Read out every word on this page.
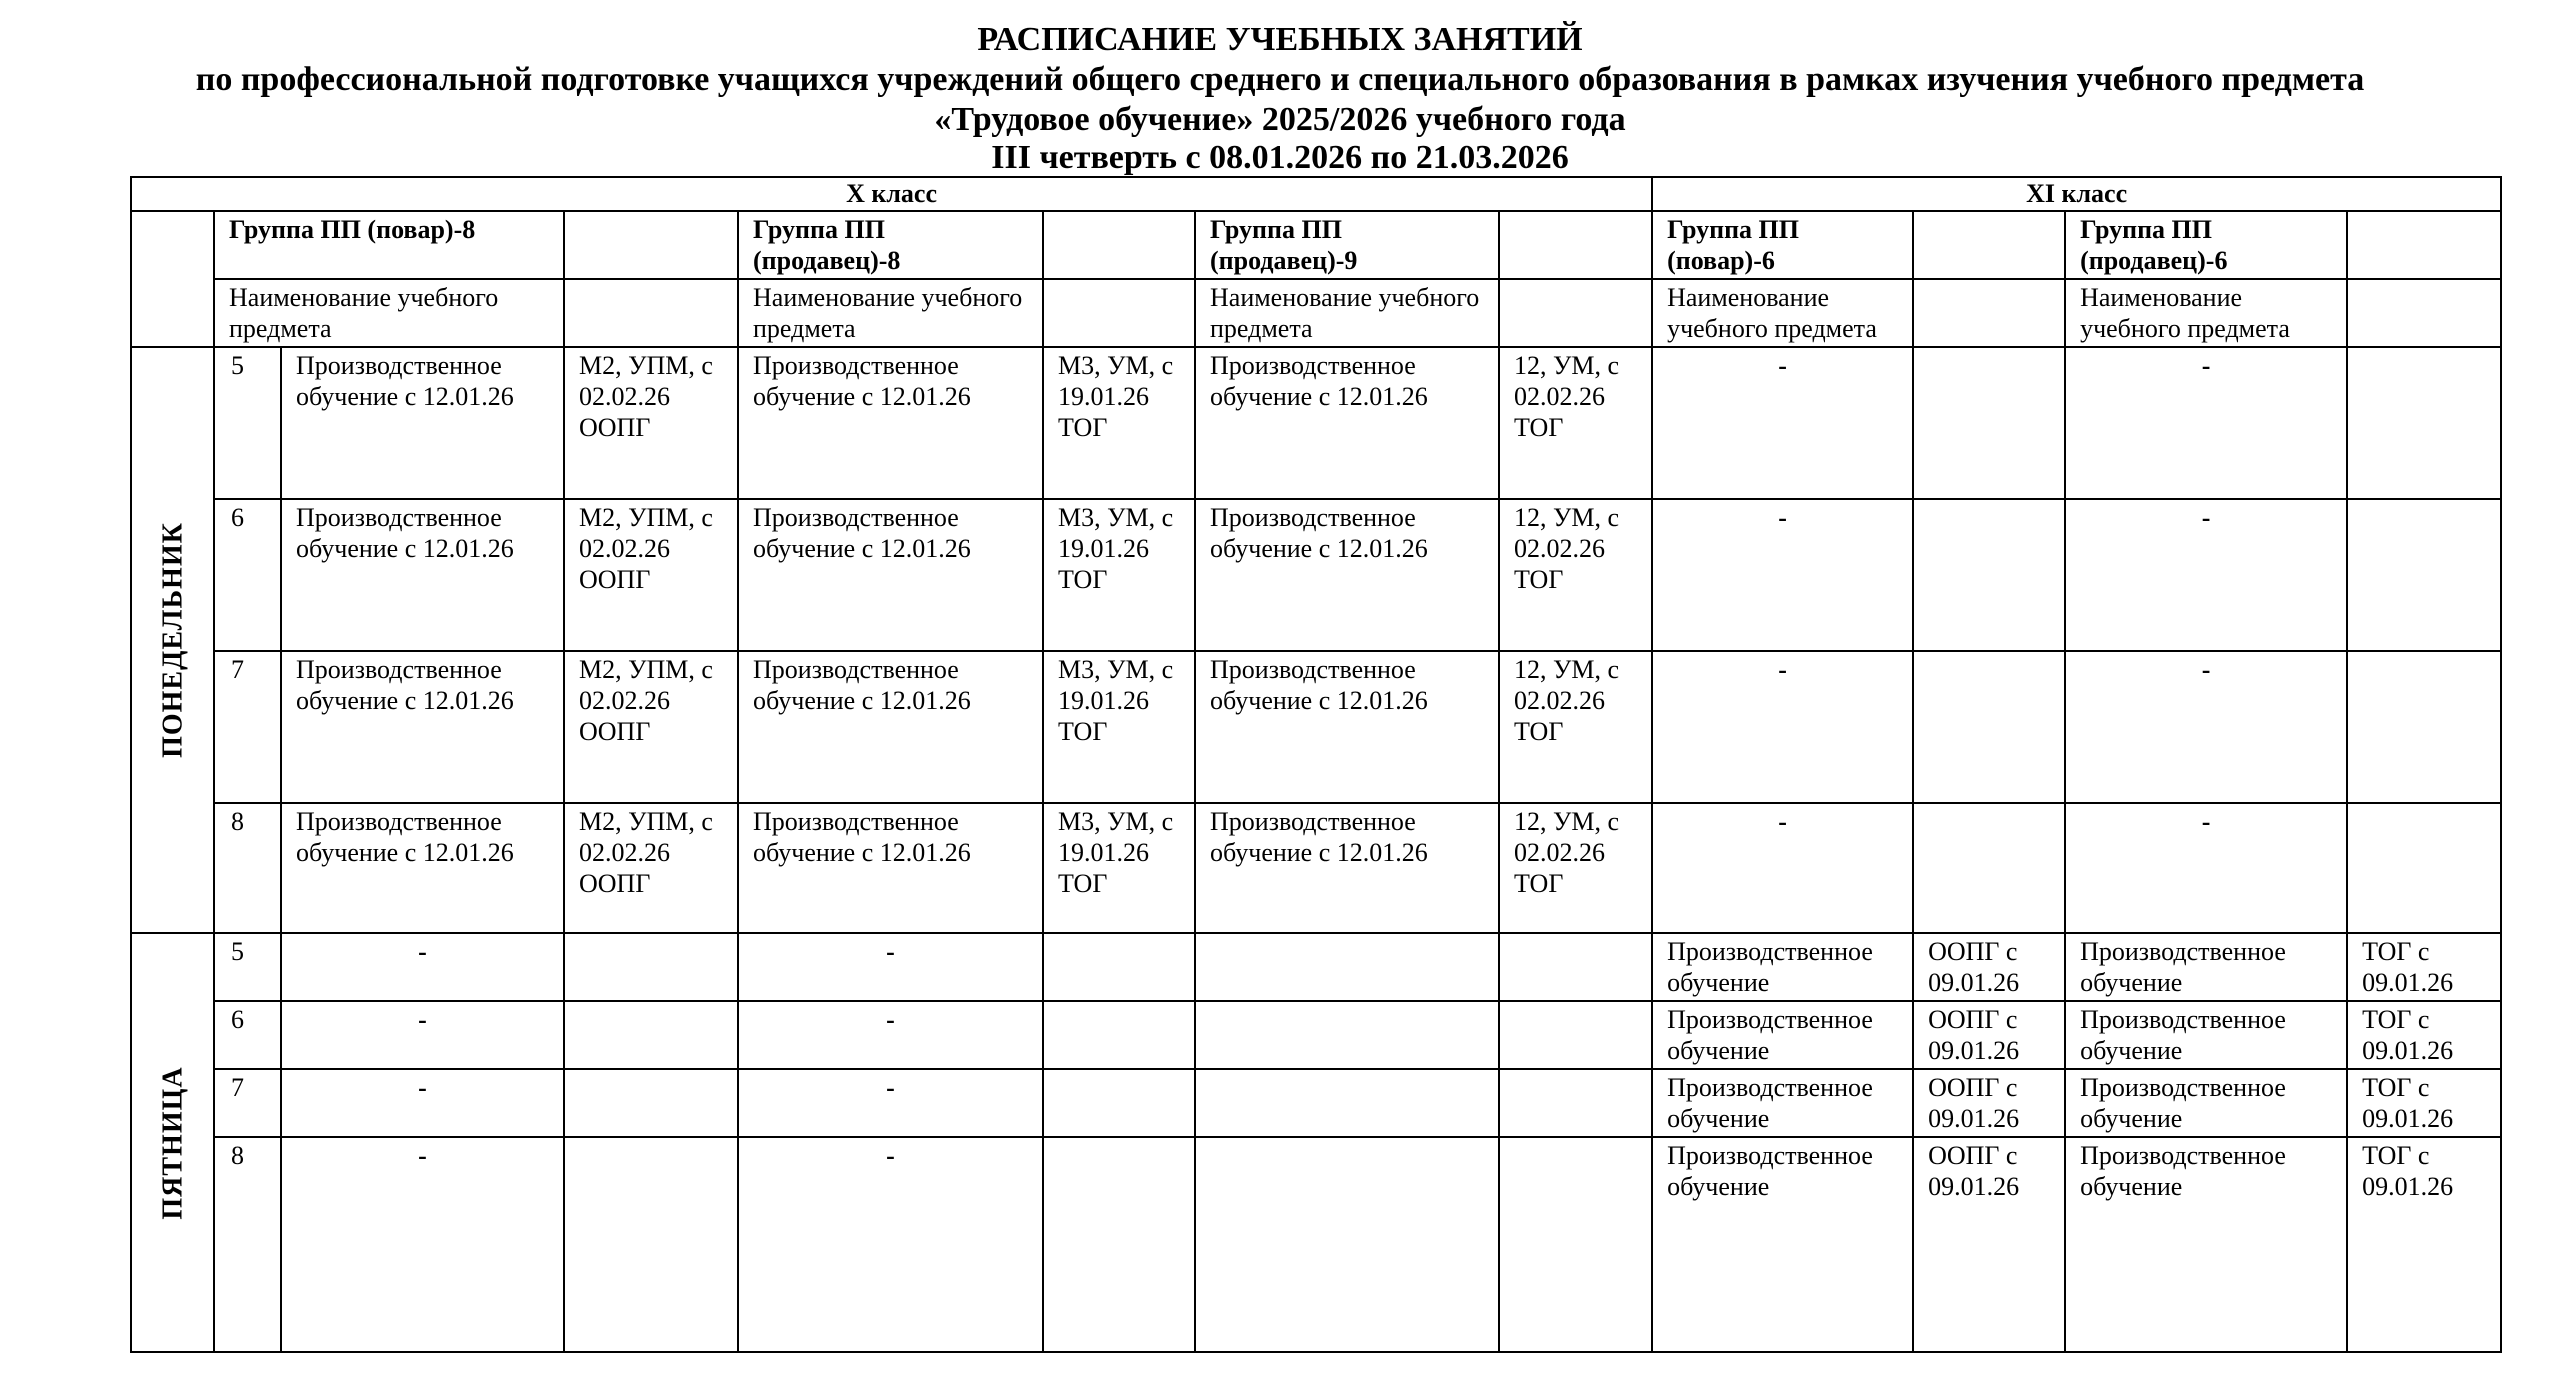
РАСПИСАНИЕ УЧЕБНЫХ ЗАНЯТИЙ
по профессиональной подготовке учащихся учреждений общего среднего и специального образования в рамках изучения учебного предмета «Трудовое обучение» 2025/2026 учебного года
III четверть с 08.01.2026 по 21.03.2026
X класс								XI класс			
	Группа ПП (повар)-8			Группа ПП (продавец)-8		Группа ПП (продавец)-9		Группа ПП (повар)-6		Группа ПП (продавец)-6	
	Наименование учебного предмета			Наименование учебного предмета		Наименование учебного предмета		Наименование учебного предмета		Наименование учебного предмета	

ПОНЕДЕЛЬНИК	5	Производственное обучение с 12.01.26	М2, УПМ, с 02.02.26 ООПГ	Производственное обучение с 12.01.26	М3, УМ, с 19.01.26 ТОГ	Производственное обучение с 12.01.26	12, УМ, с 02.02.26 ТОГ	-		-	
	6	Производственное обучение с 12.01.26	М2, УПМ, с 02.02.26 ООПГ	Производственное обучение с 12.01.26	М3, УМ, с 19.01.26 ТОГ	Производственное обучение с 12.01.26	12, УМ, с 02.02.26 ТОГ	-		-	
	7	Производственное обучение с 12.01.26	М2, УПМ, с 02.02.26 ООПГ	Производственное обучение с 12.01.26	М3, УМ, с 19.01.26 ТОГ	Производственное обучение с 12.01.26	12, УМ, с 02.02.26 ТОГ	-		-	
	8	Производственное обучение с 12.01.26	М2, УПМ, с 02.02.26 ООПГ	Производственное обучение с 12.01.26	М3, УМ, с 19.01.26 ТОГ	Производственное обучение с 12.01.26	12, УМ, с 02.02.26 ТОГ	-		-	

ПЯТНИЦА	5	-		-				Производственное обучение	ООПГ с 09.01.26	Производственное обучение	ТОГ с 09.01.26
	6	-		-				Производственное обучение	ООПГ с 09.01.26	Производственное обучение	ТОГ с 09.01.26
	7	-		-				Производственное обучение	ООПГ с 09.01.26	Производственное обучение	ТОГ с 09.01.26
	8	-		-				Производственное обучение	ООПГ с 09.01.26	Производственное обучение	ТОГ с 09.01.26
